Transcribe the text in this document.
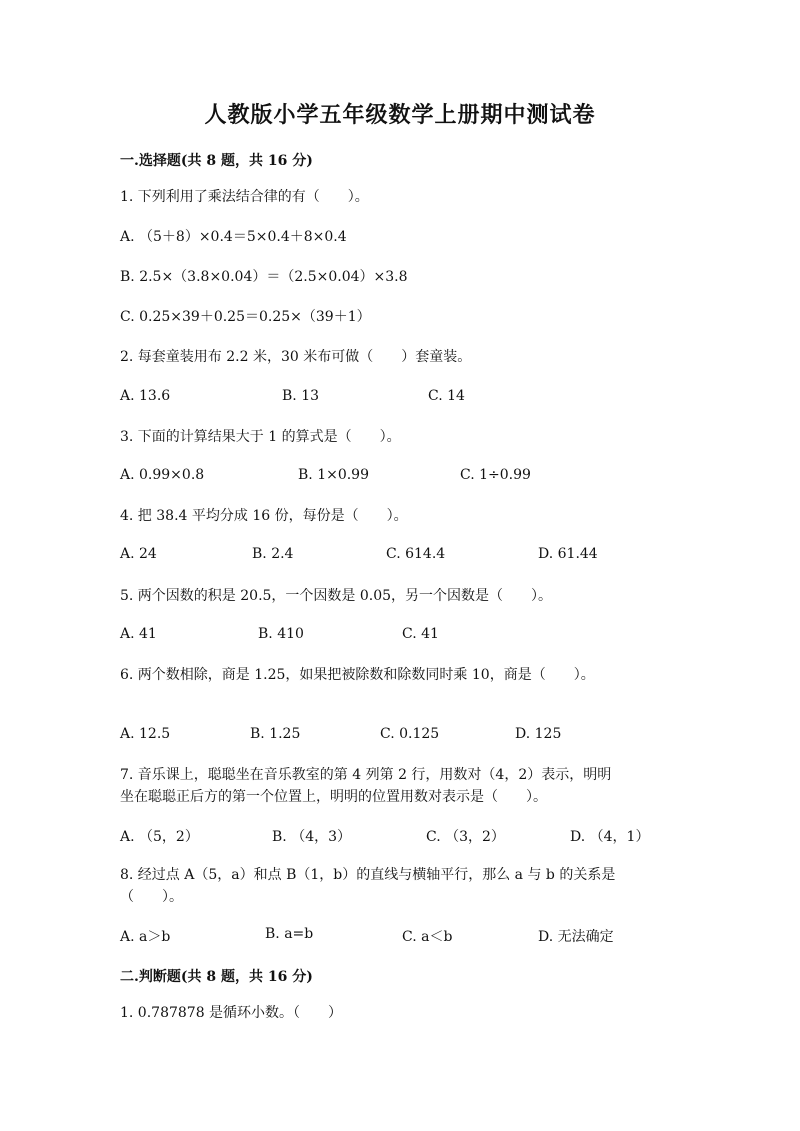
人教版小学五年级数学上册期中测试卷
一.选择题(共 8 题，共 16 分)
1. 下列利用了乘法结合律的有（　　）。
A. （5＋8）×0.4＝5×0.4＋8×0.4
B. 2.5×（3.8×0.04）＝（2.5×0.04）×3.8
C. 0.25×39＋0.25＝0.25×（39＋1）
2. 每套童装用布 2.2 米，30 米布可做（　　）套童装。
A. 13.6	B. 13	C. 14
3. 下面的计算结果大于 1 的算式是（　　）。
A. 0.99×0.8	B. 1×0.99	C. 1÷0.99
4. 把 38.4 平均分成 16 份，每份是（　　）。
A. 24	B. 2.4	C. 614.4	D. 61.44
5. 两个因数的积是 20.5，一个因数是 0.05，另一个因数是（　　）。
A. 41	B. 410	C. 41
6. 两个数相除，商是 1.25，如果把被除数和除数同时乘 10，商是（　　）。
A. 12.5	B. 1.25	C. 0.125	D. 125
7. 音乐课上，聪聪坐在音乐教室的第 4 列第 2 行，用数对（4，2）表示，明明
坐在聪聪正后方的第一个位置上，明明的位置用数对表示是（　　）。
A. （5，2）	B. （4，3）	C. （3，2）	D. （4，1）
8. 经过点 A（5，a）和点 B（1，b）的直线与横轴平行，那么 a 与 b 的关系是
（　　）。
A. a＞b	B. a=b	C. a＜b	D. 无法确定
二.判断题(共 8 题，共 16 分)
1. 0.787878 是循环小数。（　　）
